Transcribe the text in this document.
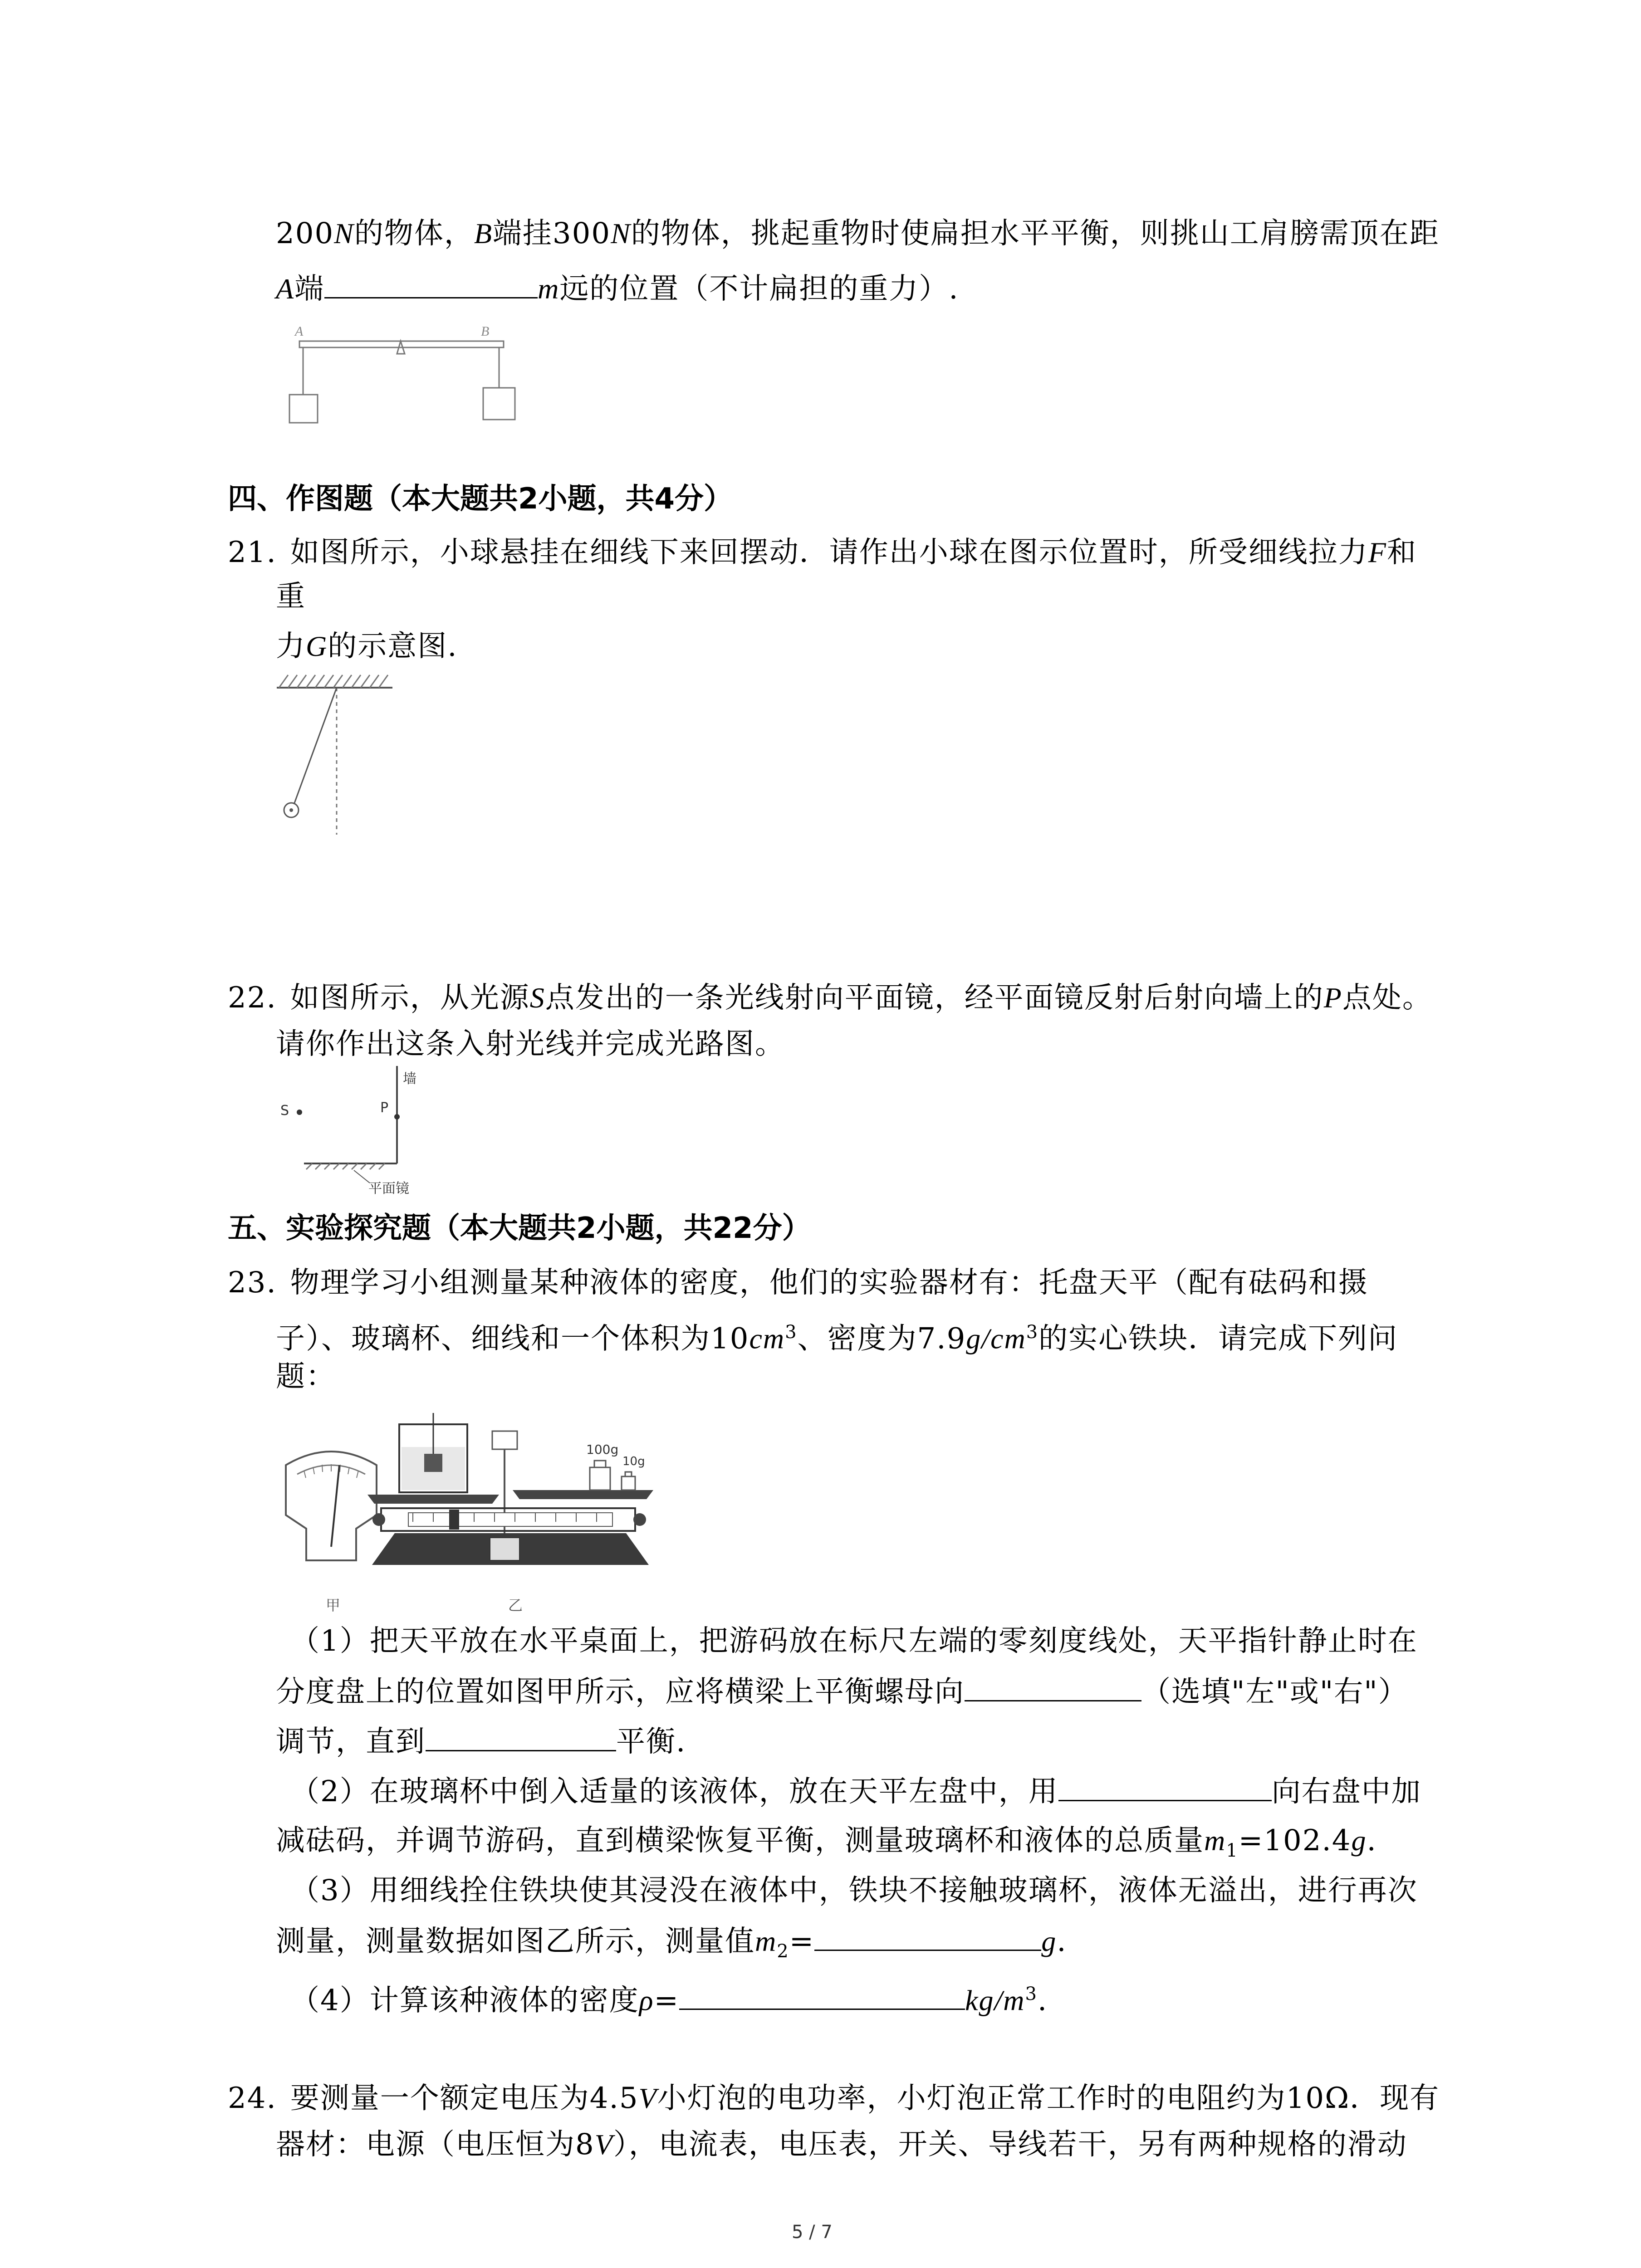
200N的物体，B端挂300N的物体，挑起重物时使扁担水平平衡，则挑山工肩膀需顶在距
A端	m远的位置（不计扁担的重力）.
A	B
四、作图题（本大题共2小题，共4分）
21. 如图所示，小球悬挂在细线下来回摆动．请作出小球在图示位置时，所受细线拉力F和
重
力G的示意图.
22. 如图所示，从光源S点发出的一条光线射向平面镜，经平面镜反射后射向墙上的P点处。
请你作出这条入射光线并完成光路图。
S
墙
P
平面镜
五、实验探究题（本大题共2小题，共22分）
23. 物理学习小组测量某种液体的密度，他们的实验器材有：托盘天平（配有砝码和摄
子）、玻璃杯、细线和一个体积为$10cm^3$、密度为$7.9g/cm^3$的实心铁块．请完成下列问
题：
甲
100g
10g
乙
（1）把天平放在水平桌面上，把游码放在标尺左端的零刻度线处，天平指针静止时在
分度盘上的位置如图甲所示，应将横梁上平衡螺母向	（选填"左"或"右"）
调节，直到	平衡.
（2）在玻璃杯中倒入适量的该液体，放在天平左盘中，用	向右盘中加
减砝码，并调节游码，直到横梁恢复平衡，测量玻璃杯和液体的总质量$m_1=102.4g$.
（3）用细线拴住铁块使其浸没在液体中，铁块不接触玻璃杯，液体无溢出，进行再次
测量，测量数据如图乙所示，测量值$m_2=$	g.
（4）计算该种液体的密度ρ=	$kg/m^3$.
24. 要测量一个额定电压为4.5V小灯泡的电功率，小灯泡正常工作时的电阻约为10Ω．现有
器材：电源（电压恒为8V），电流表，电压表，开关、导线若干，另有两种规格的滑动
5 / 7
